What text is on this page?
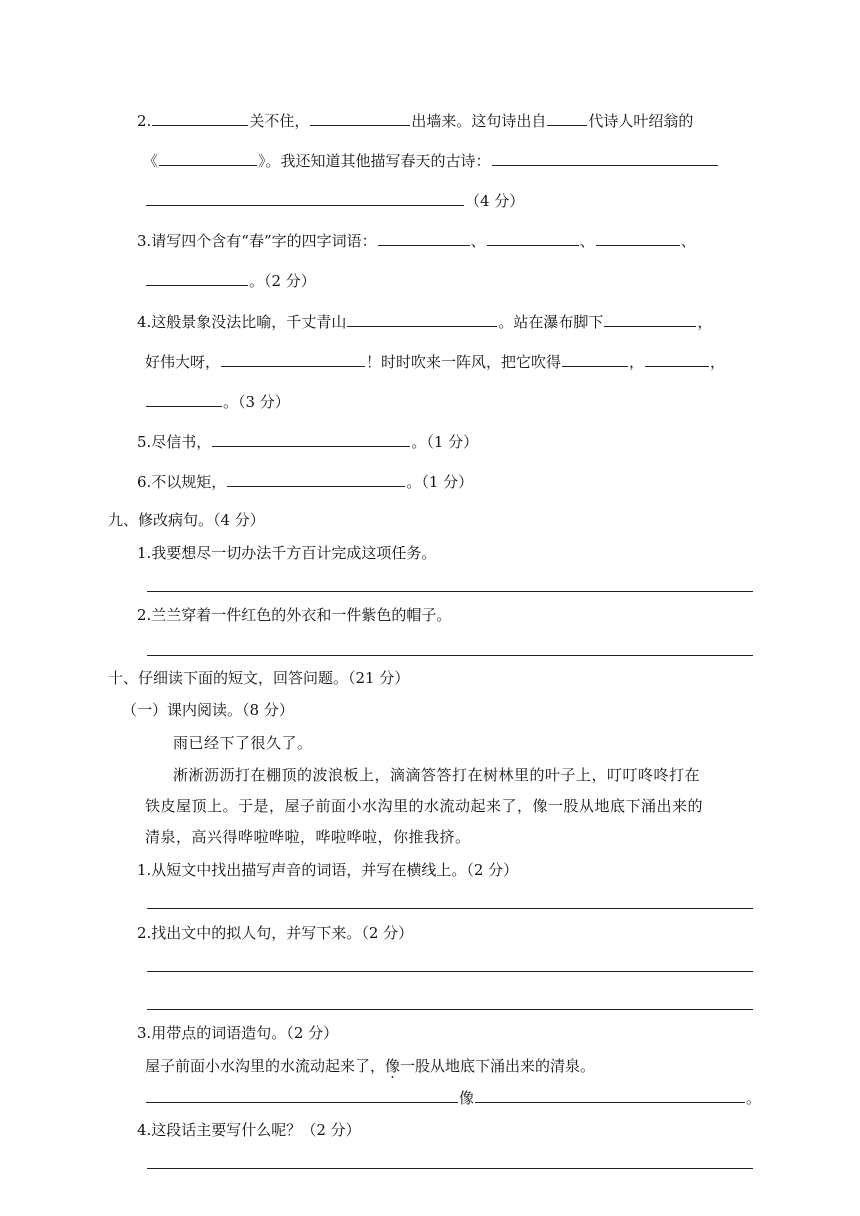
2.	关不住，	出墙来。这句诗出自	代诗人叶绍翁的
《	》。我还知道其他描写春天的古诗：
（4 分）
3.请写四个含有“春”字的四字词语：	、	、	、
。（2 分）
4.这般景象没法比喻，千丈青山	。站在瀑布脚下	，
好伟大呀，	！时时吹来一阵风，把它吹得	，	，
。（3 分）
5.尽信书，	。（1 分）
6.不以规矩，	。（1 分）
九、修改病句。（4 分）
1.我要想尽一切办法千方百计完成这项任务。
2.兰兰穿着一件红色的外衣和一件紫色的帽子。
十、仔细读下面的短文，回答问题。（21 分）
（一）课内阅读。（8 分）
雨已经下了很久了。
淅淅沥沥打在棚顶的波浪板上，滴滴答答打在树林里的叶子上，叮叮咚咚打在
铁皮屋顶上。于是，屋子前面小水沟里的水流动起来了，像一股从地底下涌出来的
清泉，高兴得哗啦哗啦，哗啦哗啦，你推我挤。
1.从短文中找出描写声音的词语，并写在横线上。（2 分）
2.找出文中的拟人句，并写下来。（2 分）
3.用带点的词语造句。（2 分）
屋子前面小水沟里的水流动起来了，像一股从地底下涌出来的清泉。
像	。
4.这段话主要写什么呢？（2 分）
